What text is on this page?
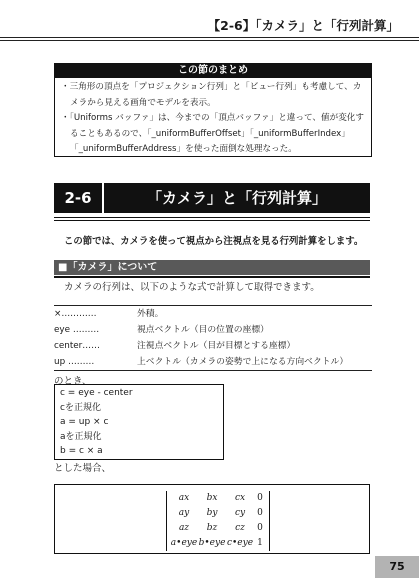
【2-6】「カメラ」と「行列計算」
この節のまとめ
・三角形の頂点を「プロジェクション行列」と「ビュー行列」も考慮して、カメラから見える画角でモデルを表示。
・「Uniforms バッファ」は、今までの「頂点バッファ」と違って、値が変化することもあるので、「_uniformBufferOffset」「_uniformBufferIndex」「_uniformBufferAddress」を使った面倒な処理なった。
2-6	「カメラ」と「行列計算」
この節では、カメラを使って視点から注視点を見る行列計算をします。
■「カメラ」について
カメラの行列は、以下のような式で計算して取得できます。
×…………	外積。
eye ………	視点ベクトル（目の位置の座標）
center……	注視点ベクトル（目が目標とする座標）
up ………	上ベクトル（カメラの姿勢で上になる方向ベクトル）
のとき、
c = eye - center
cを正規化
a = up × c
aを正規化
b = c × a
とした場合、
ax	bx	cx	0
ay	by	cy	0
az	bz	cz	0
a•eye b•eye c•eye 1
75
